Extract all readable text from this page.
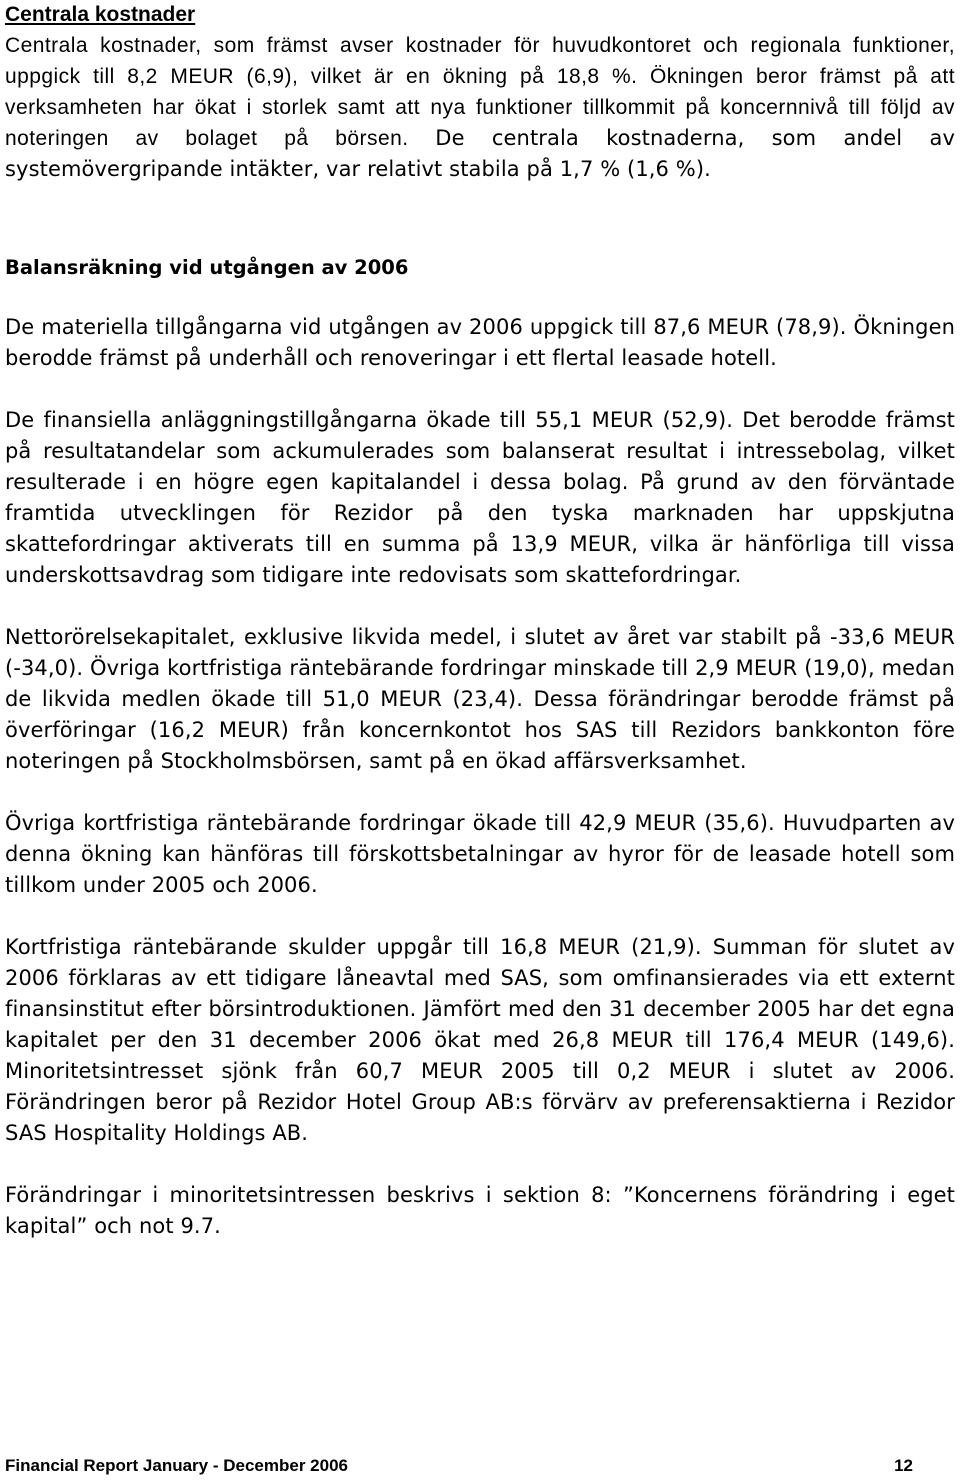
Centrala kostnader

Centrala kostnader, som främst avser kostnader för huvudkontoret och regionala funktioner, uppgick till 8,2 MEUR (6,9), vilket är en ökning på 18,8 %. Ökningen beror främst på att verksamheten har ökat i storlek samt att nya funktioner tillkommit på koncernnivå till följd av noteringen av bolaget på börsen. De centrala kostnaderna, som andel av systemövergripande intäkter, var relativt stabila på 1,7 % (1,6 %).

Balansräkning vid utgången av 2006

De materiella tillgångarna vid utgången av 2006 uppgick till 87,6 MEUR (78,9). Ökningen berodde främst på underhåll och renoveringar i ett flertal leasade hotell.

De finansiella anläggningstillgångarna ökade till 55,1 MEUR (52,9). Det berodde främst på resultatandelar som ackumulerades som balanserat resultat i intressebolag, vilket resulterade i en högre egen kapitalandel i dessa bolag. På grund av den förväntade framtida utvecklingen för Rezidor på den tyska marknaden har uppskjutna skattefordringar aktiverats till en summa på 13,9 MEUR, vilka är hänförliga till vissa underskottsavdrag som tidigare inte redovisats som skattefordringar.

Nettorörelsekapitalet, exklusive likvida medel, i slutet av året var stabilt på -33,6 MEUR (-34,0). Övriga kortfristiga räntebärande fordringar minskade till 2,9 MEUR (19,0), medan de likvida medlen ökade till 51,0 MEUR (23,4). Dessa förändringar berodde främst på överföringar (16,2 MEUR) från koncernkontot hos SAS till Rezidors bankkonton före noteringen på Stockholmsbörsen, samt på en ökad affärsverksamhet.

Övriga kortfristiga räntebärande fordringar ökade till 42,9 MEUR (35,6). Huvudparten av denna ökning kan hänföras till förskottsbetalningar av hyror för de leasade hotell som tillkom under 2005 och 2006.

Kortfristiga räntebärande skulder uppgår till 16,8 MEUR (21,9). Summan för slutet av 2006 förklaras av ett tidigare låneavtal med SAS, som omfinansierades via ett externt finansinstitut efter börsintroduktionen. Jämfört med den 31 december 2005 har det egna kapitalet per den 31 december 2006 ökat med 26,8 MEUR till 176,4 MEUR (149,6). Minoritetsintresset sjönk från 60,7 MEUR 2005 till 0,2 MEUR i slutet av 2006. Förändringen beror på Rezidor Hotel Group AB:s förvärv av preferensaktierna i Rezidor SAS Hospitality Holdings AB.

Förändringar i minoritetsintressen beskrivs i sektion 8: ”Koncernens förändring i eget kapital” och not 9.7.

Financial Report January - December 2006	12
